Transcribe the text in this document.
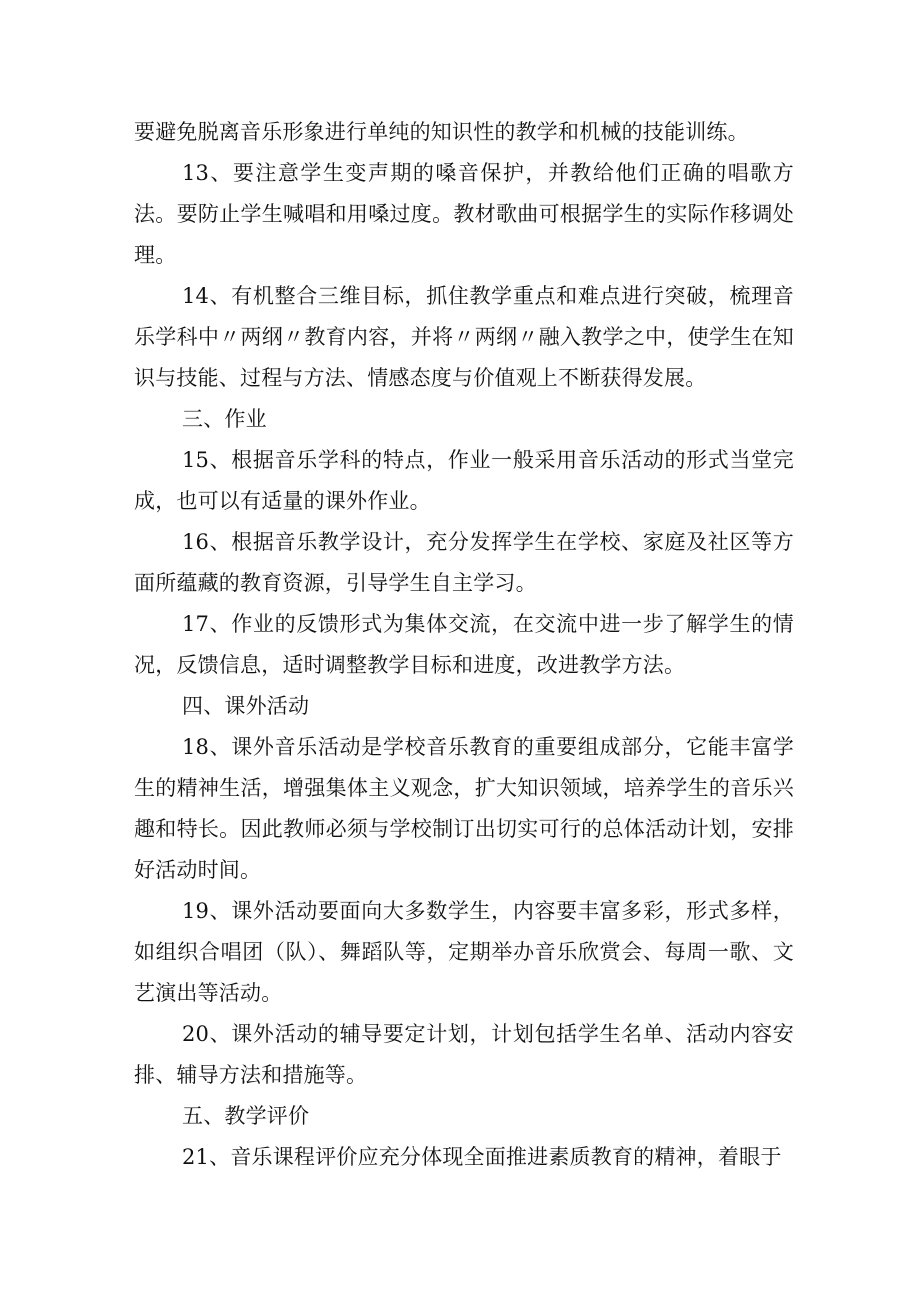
要避免脱离音乐形象进行单纯的知识性的教学和机械的技能训练。

13、要注意学生变声期的嗓音保护，并教给他们正确的唱歌方法。要防止学生喊唱和用嗓过度。教材歌曲可根据学生的实际作移调处理。

14、有机整合三维目标，抓住教学重点和难点进行突破，梳理音乐学科中〃两纲〃教育内容，并将〃两纲〃融入教学之中，使学生在知识与技能、过程与方法、情感态度与价值观上不断获得发展。

三、作业

15、根据音乐学科的特点，作业一般采用音乐活动的形式当堂完成，也可以有适量的课外作业。

16、根据音乐教学设计，充分发挥学生在学校、家庭及社区等方面所蕴藏的教育资源，引导学生自主学习。

17、作业的反馈形式为集体交流，在交流中进一步了解学生的情况，反馈信息，适时调整教学目标和进度，改进教学方法。

四、课外活动

18、课外音乐活动是学校音乐教育的重要组成部分，它能丰富学生的精神生活，增强集体主义观念，扩大知识领域，培养学生的音乐兴趣和特长。因此教师必须与学校制订出切实可行的总体活动计划，安排好活动时间。

19、课外活动要面向大多数学生，内容要丰富多彩，形式多样，如组织合唱团（队）、舞蹈队等，定期举办音乐欣赏会、每周一歌、文艺演出等活动。

20、课外活动的辅导要定计划，计划包括学生名单、活动内容安排、辅导方法和措施等。

五、教学评价

21、音乐课程评价应充分体现全面推进素质教育的精神，着眼于
